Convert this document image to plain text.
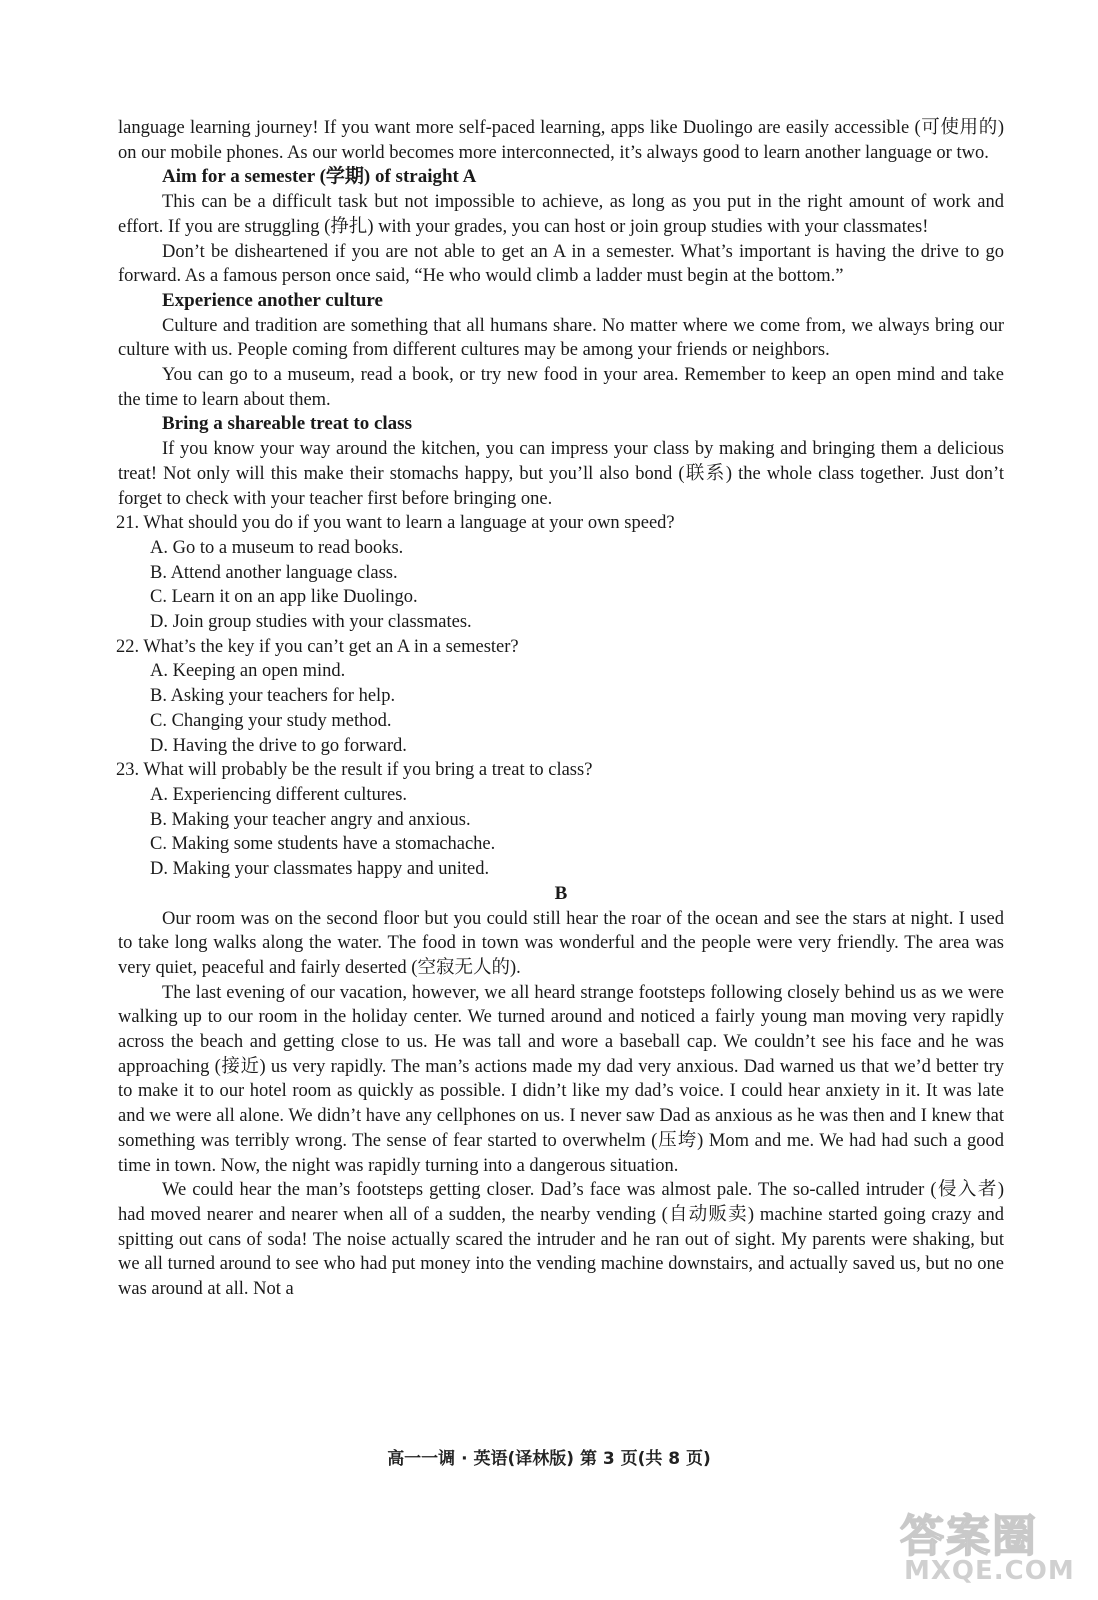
language learning journey! If you want more self-paced learning, apps like Duolingo are easily accessible (可使用的) on our mobile phones. As our world becomes more interconnected, it’s always good to learn another language or two.

Aim for a semester (学期) of straight A

This can be a difficult task but not impossible to achieve, as long as you put in the right amount of work and effort. If you are struggling (挣扎) with your grades, you can host or join group studies with your classmates!

Don’t be disheartened if you are not able to get an A in a semester. What’s important is having the drive to go forward. As a famous person once said, “He who would climb a ladder must begin at the bottom.”

Experience another culture

Culture and tradition are something that all humans share. No matter where we come from, we always bring our culture with us. People coming from different cultures may be among your friends or neighbors.

You can go to a museum, read a book, or try new food in your area. Remember to keep an open mind and take the time to learn about them.

Bring a shareable treat to class

If you know your way around the kitchen, you can impress your class by making and bringing them a delicious treat! Not only will this make their stomachs happy, but you’ll also bond (联系) the whole class together. Just don’t forget to check with your teacher first before bringing one.

21. What should you do if you want to learn a language at your own speed?

A. Go to a museum to read books.

B. Attend another language class.

C. Learn it on an app like Duolingo.

D. Join group studies with your classmates.

22. What’s the key if you can’t get an A in a semester?

A. Keeping an open mind.

B. Asking your teachers for help.

C. Changing your study method.

D. Having the drive to go forward.

23. What will probably be the result if you bring a treat to class?

A. Experiencing different cultures.

B. Making your teacher angry and anxious.

C. Making some students have a stomachache.

D. Making your classmates happy and united.

B

Our room was on the second floor but you could still hear the roar of the ocean and see the stars at night. I used to take long walks along the water. The food in town was wonderful and the people were very friendly. The area was very quiet, peaceful and fairly deserted (空寂无人的).

The last evening of our vacation, however, we all heard strange footsteps following closely behind us as we were walking up to our room in the holiday center. We turned around and noticed a fairly young man moving very rapidly across the beach and getting close to us. He was tall and wore a baseball cap. We couldn’t see his face and he was approaching (接近) us very rapidly. The man’s actions made my dad very anxious. Dad warned us that we’d better try to make it to our hotel room as quickly as possible. I didn’t like my dad’s voice. I could hear anxiety in it. It was late and we were all alone. We didn’t have any cellphones on us. I never saw Dad as anxious as he was then and I knew that something was terribly wrong. The sense of fear started to overwhelm (压垮) Mom and me. We had had such a good time in town. Now, the night was rapidly turning into a dangerous situation.

We could hear the man’s footsteps getting closer. Dad’s face was almost pale. The so-called intruder (侵入者) had moved nearer and nearer when all of a sudden, the nearby vending (自动贩卖) machine started going crazy and spitting out cans of soda! The noise actually scared the intruder and he ran out of sight. My parents were shaking, but we all turned around to see who had put money into the vending machine downstairs, and actually saved us, but no one was around at all. Not a

高一一调 · 英语(译林版) 第 3 页(共 8 页)
答案圈
MXQE.COM
